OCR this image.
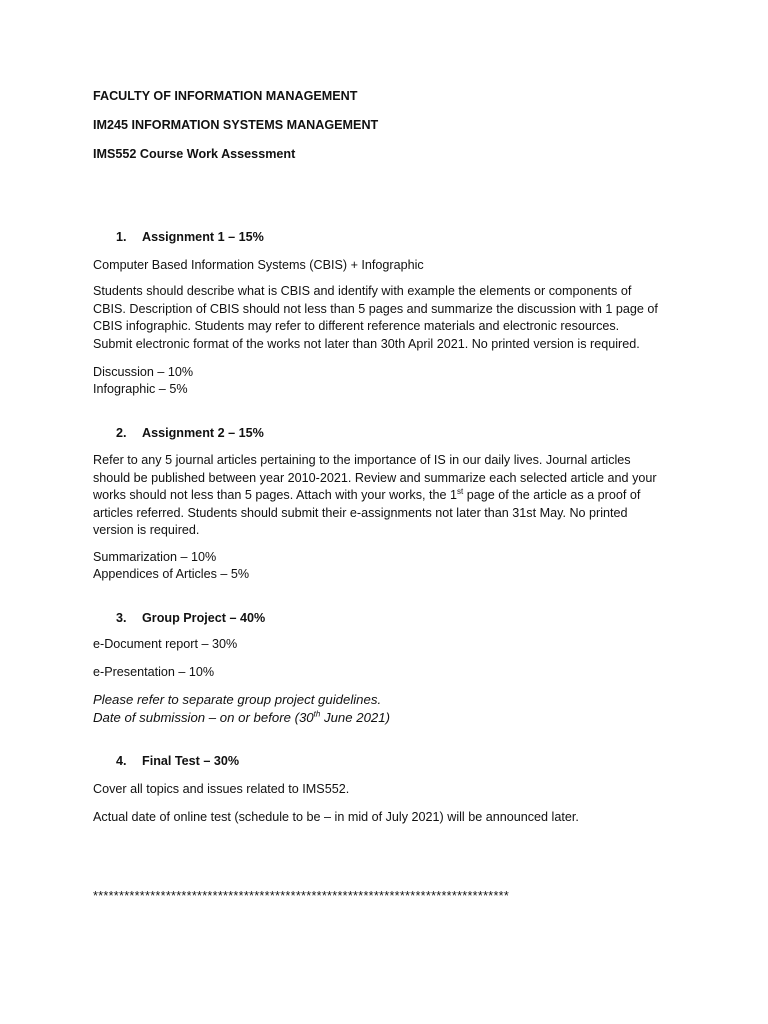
FACULTY OF INFORMATION MANAGEMENT
IM245 INFORMATION SYSTEMS MANAGEMENT
IMS552 Course Work Assessment
1. Assignment 1 – 15%
Computer Based Information Systems (CBIS) + Infographic
Students should describe what is CBIS and identify with example the elements or components of
CBIS. Description of CBIS should not less than 5 pages and summarize the discussion with 1 page of
CBIS infographic. Students may refer to different reference materials and electronic resources.
Submit electronic format of the works not later than 30th April 2021. No printed version is required.
Discussion – 10%
Infographic – 5%
2. Assignment 2 – 15%
Refer to any 5 journal articles pertaining to the importance of IS in our daily lives. Journal articles
should be published between year 2010-2021. Review and summarize each selected article and your
works should not less than 5 pages. Attach with your works, the 1st page of the article as a proof of
articles referred. Students should submit their e-assignments not later than 31st May. No printed
version is required.
Summarization – 10%
Appendices of Articles – 5%
3. Group Project – 40%
e-Document report – 30%
e-Presentation – 10%
Please refer to separate group project guidelines.
Date of submission – on or before (30th June 2021)
4. Final Test – 30%
Cover all topics and issues related to IMS552.
Actual date of online test (schedule to be – in mid of July 2021) will be announced later.
********************************************************************************
